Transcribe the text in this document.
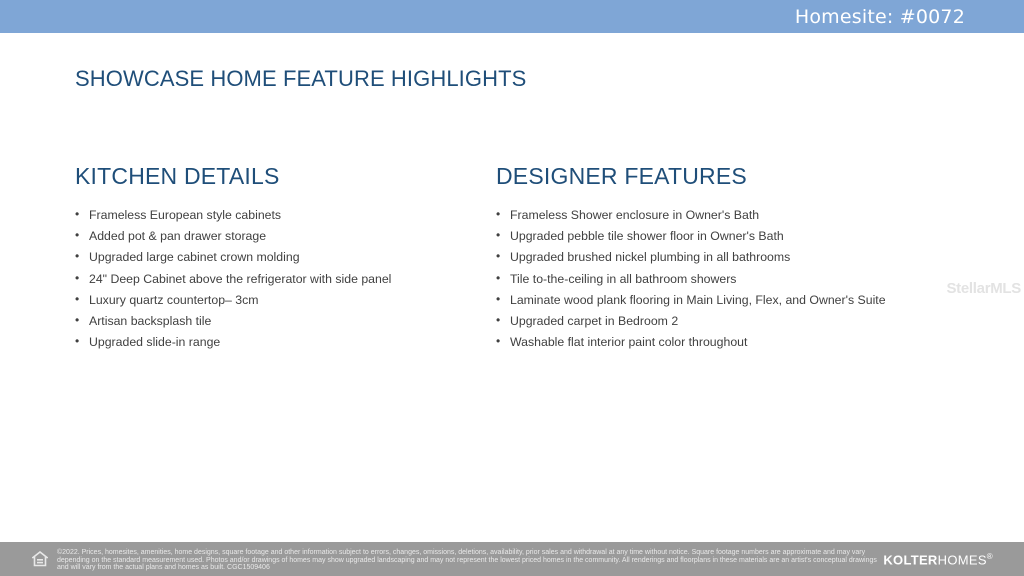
Homesite: #0072
SHOWCASE HOME FEATURE HIGHLIGHTS
KITCHEN DETAILS
• Frameless European style cabinets
• Added pot & pan drawer storage
• Upgraded large cabinet crown molding
• 24" Deep Cabinet above the refrigerator with side panel
• Luxury quartz countertop– 3cm
• Artisan backsplash tile
• Upgraded slide-in range
DESIGNER FEATURES
• Frameless Shower enclosure in Owner's Bath
• Upgraded pebble tile shower floor in Owner's Bath
• Upgraded brushed nickel plumbing in all bathrooms
• Tile to-the-ceiling in all bathroom showers
• Laminate wood plank flooring in Main Living, Flex, and Owner's Suite
• Upgraded carpet in Bedroom 2
• Washable flat interior paint color throughout
StellarMLS
©2022. Prices, homesites, amenities, home designs, square footage and other information subject to errors, changes, omissions, deletions, availability, prior sales and withdrawal at any time without notice. Square footage numbers are approximate and may vary depending on the standard measurement used. Photos and/or drawings of homes may show upgraded landscaping and may not represent the lowest priced homes in the community. All renderings and floorplans in these materials are an artist's conceptual drawings and will vary from the actual plans and homes as built. CGC1509406
KOLTERHOMES®
